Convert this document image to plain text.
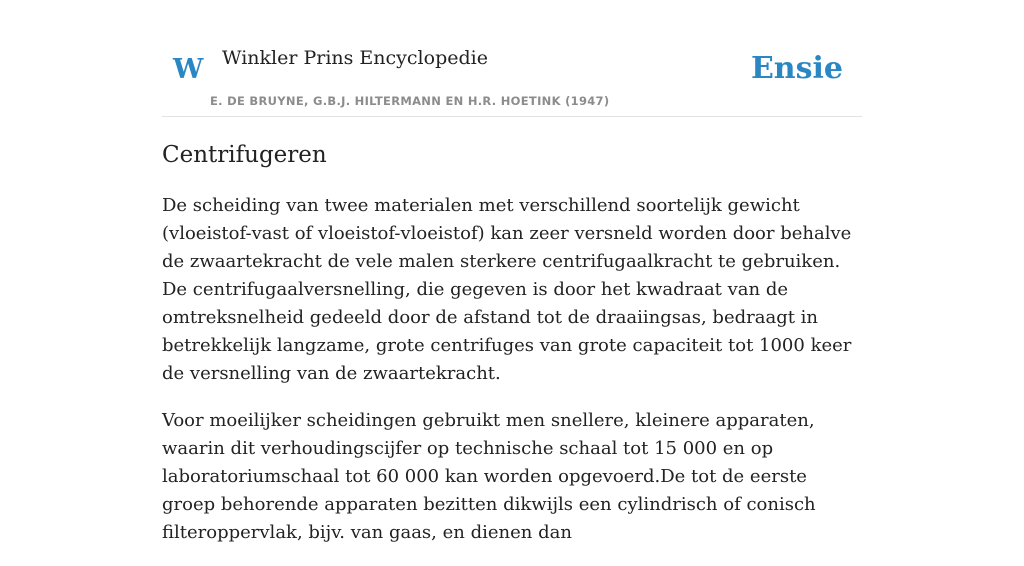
W Winkler Prins Encyclopedie
E. DE BRUYNE, G.B.J. HILTERMANN EN H.R. HOETINK (1947)
Ensie
Centrifugeren

De scheiding van twee materialen met verschillend soortelijk gewicht (vloeistof-vast of vloeistof-vloeistof) kan zeer versneld worden door behalve de zwaartekracht de vele malen sterkere centrifugaalkracht te gebruiken. De centrifugaalversnelling, die gegeven is door het kwadraat van de omtreksnelheid gedeeld door de afstand tot de draaiingsas, bedraagt in betrekkelijk langzame, grote centrifuges van grote capaciteit tot 1000 keer de versnelling van de zwaartekracht.

Voor moeilijker scheidingen gebruikt men snellere, kleinere apparaten, waarin dit verhoudingscijfer op technische schaal tot 15 000 en op laboratoriumschaal tot 60 000 kan worden opgevoerd.De tot de eerste groep behorende apparaten bezitten dikwijls een cylindrisch of conisch filteroppervlak, bijv. van gaas, en dienen dan
